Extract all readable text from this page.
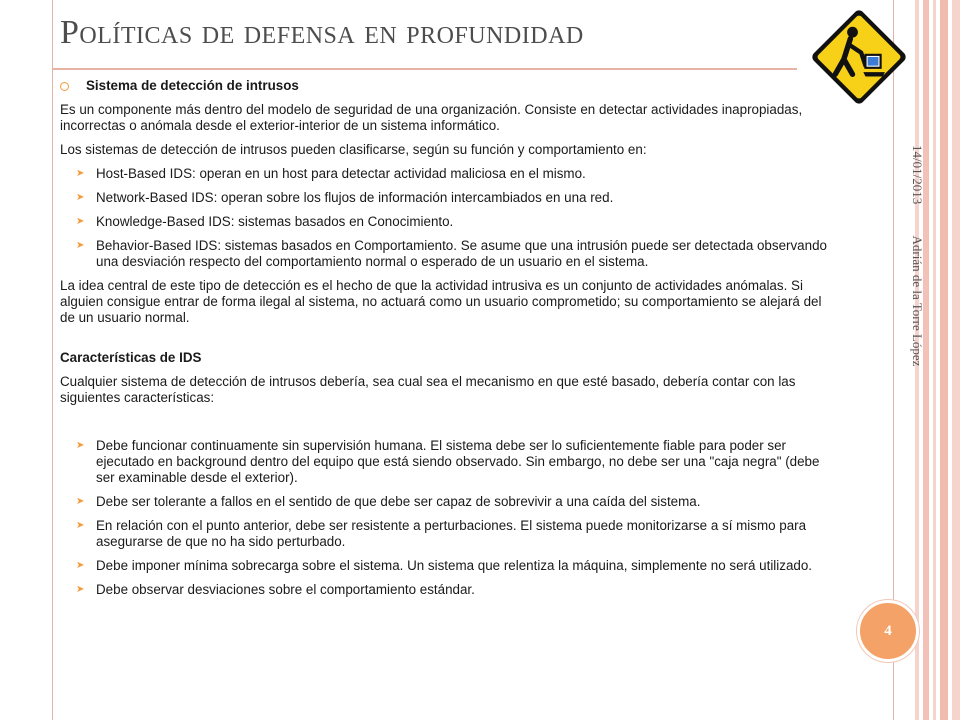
Políticas de defensa en profundidad
Sistema de detección de intrusos

Es un componente más dentro del modelo de seguridad de una organización. Consiste en detectar actividades inapropiadas, incorrectas o anómala desde el exterior-interior de un sistema informático.

Los sistemas de detección de intrusos pueden clasificarse, según su función y comportamiento en:

➤ Host-Based IDS: operan en un host para detectar actividad maliciosa en el mismo.
➤ Network-Based IDS: operan sobre los flujos de información intercambiados en una red.
➤ Knowledge-Based IDS: sistemas basados en Conocimiento.
➤ Behavior-Based IDS: sistemas basados en Comportamiento. Se asume que una intrusión puede ser detectada observando una desviación respecto del comportamiento normal o esperado de un usuario en el sistema.

La idea central de este tipo de detección es el hecho de que la actividad intrusiva es un conjunto de actividades anómalas. Si alguien consigue entrar de forma ilegal al sistema, no actuará como un usuario comprometido; su comportamiento se alejará del de un usuario normal.

Características de IDS

Cualquier sistema de detección de intrusos debería, sea cual sea el mecanismo en que esté basado, debería contar con las siguientes características:

➤ Debe funcionar continuamente sin supervisión humana. El sistema debe ser lo suficientemente fiable para poder ser ejecutado en background dentro del equipo que está siendo observado. Sin embargo, no debe ser una "caja negra" (debe ser examinable desde el exterior).
➤ Debe ser tolerante a fallos en el sentido de que debe ser capaz de sobrevivir a una caída del sistema.
➤ En relación con el punto anterior, debe ser resistente a perturbaciones. El sistema puede monitorizarse a sí mismo para asegurarse de que no ha sido perturbado.
➤ Debe imponer mínima sobrecarga sobre el sistema. Un sistema que relentiza la máquina, simplemente no será utilizado.
➤ Debe observar desviaciones sobre el comportamiento estándar.
14/01/2013 Adrián de la Torre López
4
